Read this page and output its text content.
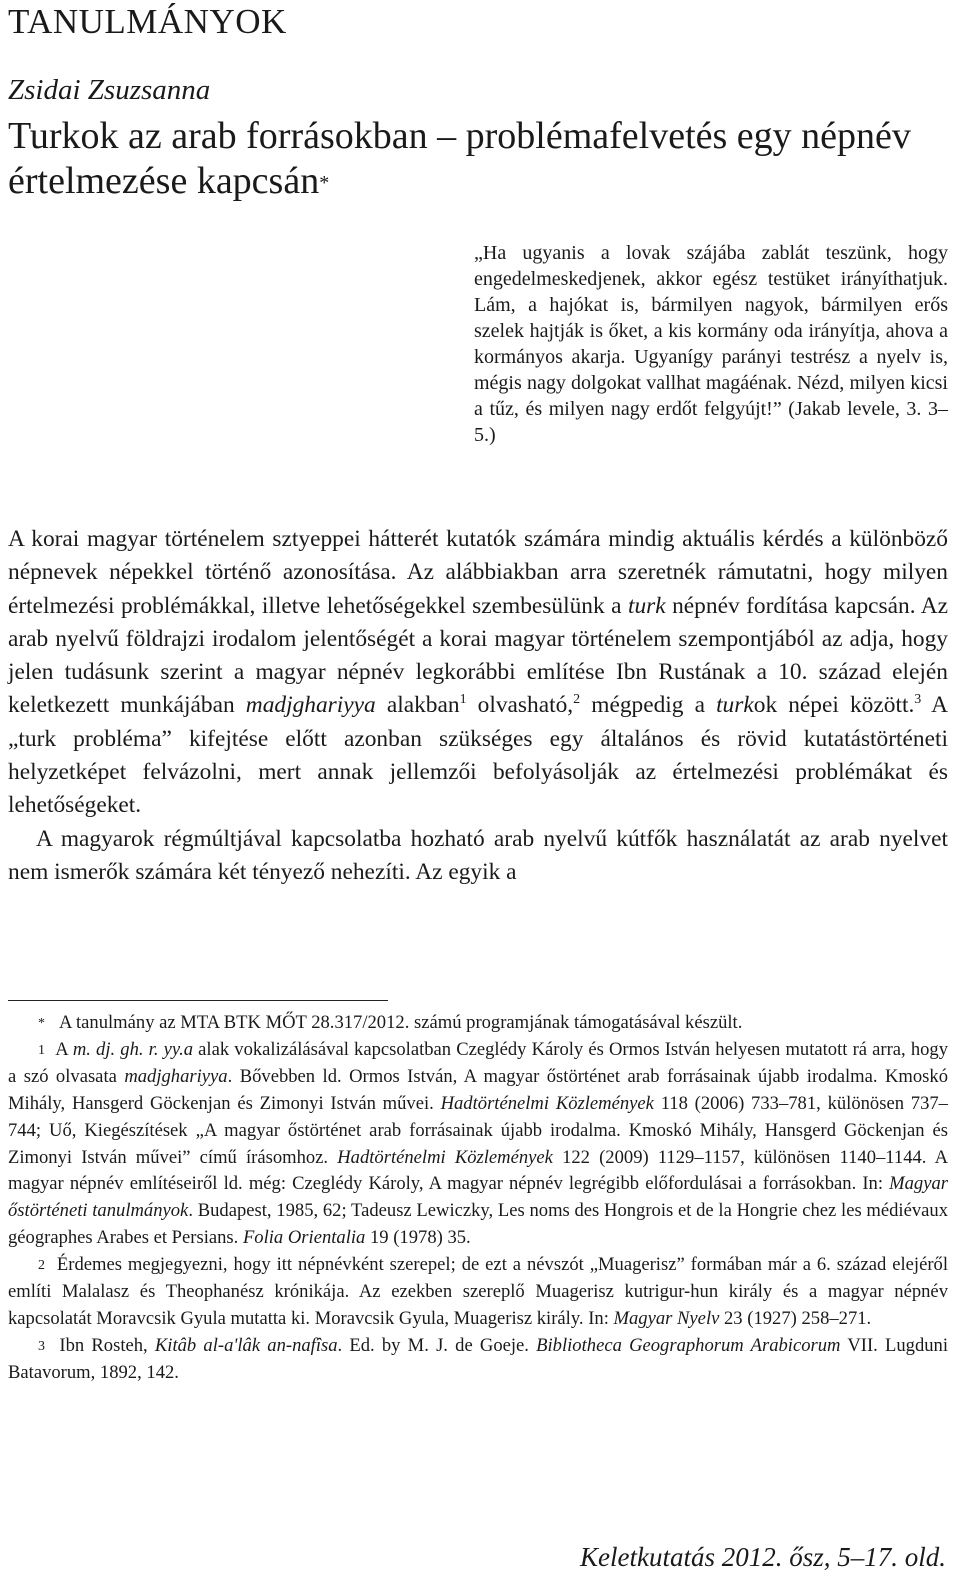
TANULMÁNYOK
Zsidai Zsuzsanna
Turkok az arab forrásokban – problémafelvetés egy népnév értelmezése kapcsán*

„Ha ugyanis a lovak szájába zablát teszünk, hogy engedelmeskedjenek, akkor egész testüket irányíthatjuk. Lám, a hajókat is, bármilyen nagyok, bármilyen erős szelek hajtják is őket, a kis kormány oda irányítja, ahova a kormányos akarja. Ugyanígy parányi testrész a nyelv is, mégis nagy dolgokat vallhat magáénak. Nézd, milyen kicsi a tűz, és milyen nagy erdőt felgyújt!” (Jakab levele, 3. 3–5.)

A korai magyar történelem sztyeppei hátterét kutatók számára mindig aktuális kérdés a különböző népnevek népekkel történő azonosítása. Az alábbiakban arra szeretnék rámutatni, hogy milyen értelmezési problémákkal, illetve lehetőségekkel szembesülünk a turk népnév fordítása kapcsán. Az arab nyelvű földrajzi irodalom jelentőségét a korai magyar történelem szempontjából az adja, hogy jelen tudásunk szerint a magyar népnév legkorábbi említése Ibn Rustának a 10. század elején keletkezett munkájában madjghariyya alakban$^1$ olvasható,$^2$ mégpedig a turkok népei között.$^3$ A „turk probléma” kifejtése előtt azonban szükséges egy általános és rövid kutatástörténeti helyzetképet felvázolni, mert annak jellemzői befolyásolják az értelmezési problémákat és lehetőségeket.

A magyarok régmúltjával kapcsolatba hozható arab nyelvű kútfők használatát az arab nyelvet nem ismerők számára két tényező nehezíti. Az egyik a

* A tanulmány az MTA BTK MŐT 28.317/2012. számú programjának támogatásával készült.

$^1$ A m. dj. gh. r. yy.a alak vokalizálásával kapcsolatban Czeglédy Károly és Ormos István helyesen mutatott rá arra, hogy a szó olvasata madjghariyya. Bővebben ld. Ormos István, A magyar őstörténet arab forrásainak újabb irodalma. Kmoskó Mihály, Hansgerd Göckenjan és Zimonyi István művei. Hadtörténelmi Közlemények 118 (2006) 733–781, különösen 737–744; Uő, Kiegészítések „A magyar őstörténet arab forrásainak újabb irodalma. Kmoskó Mihály, Hansgerd Göckenjan és Zimonyi István művei” című írásomhoz. Hadtörténelmi Közlemények 122 (2009) 1129–1157, különösen 1140–1144. A magyar népnév említéseiről ld. még: Czeglédy Károly, A magyar népnév legrégibb előfordulásai a forrásokban. In: Magyar őstörténeti tanulmányok. Budapest, 1985, 62; Tadeusz Lewiczky, Les noms des Hongrois et de la Hongrie chez les médiévaux géographes Arabes et Persians. Folia Orientalia 19 (1978) 35.

$^2$ Érdemes megjegyezni, hogy itt népnévként szerepel; de ezt a névszót „Muagerisz” formában már a 6. század elejéről említi Malalasz és Theophanész krónikája. Az ezekben szereplő Muagerisz kutrigur-hun király és a magyar népnév kapcsolatát Moravcsik Gyula mutatta ki. Moravcsik Gyula, Muagerisz király. In: Magyar Nyelv 23 (1927) 258–271.

$^3$ Ibn Rosteh, Kitâb al-a'lâk an-nafîsa. Ed. by M. J. de Goeje. Bibliotheca Geographorum Arabicorum VII. Lugduni Batavorum, 1892, 142.

Keletkutatás 2012. ősz, 5–17. old.
